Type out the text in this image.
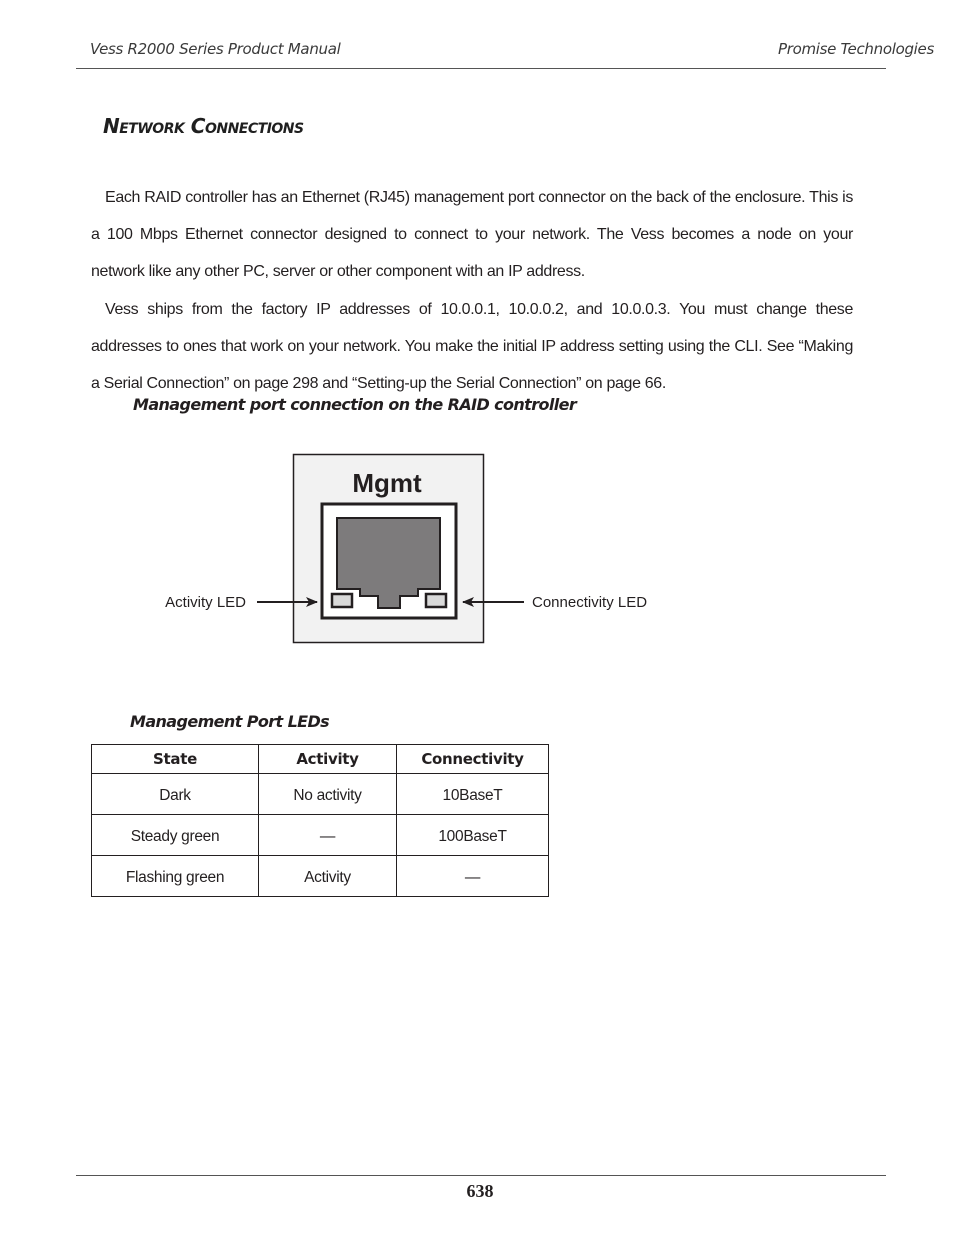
Vess R2000 Series Product Manual	Promise Technologies
Network Connections

Each RAID controller has an Ethernet (RJ45) management port connector on the back of the enclosure. This is a 100 Mbps Ethernet connector designed to connect to your network. The Vess becomes a node on your network like any other PC, server or other component with an IP address.

Vess ships from the factory IP addresses of 10.0.0.1, 10.0.0.2, and 10.0.0.3. You must change these addresses to ones that work on your network. You make the initial IP address setting using the CLI. See “Making a Serial Connection” on page 298 and “Setting-up the Serial Connection” on page 66.

Management port connection on the RAID controller
Mgmt
Activity LED	Connectivity LED
Management Port LEDs
State	Activity	Connectivity
Dark	No activity	10BaseT
Steady green	—	100BaseT
Flashing green	Activity	—
638
